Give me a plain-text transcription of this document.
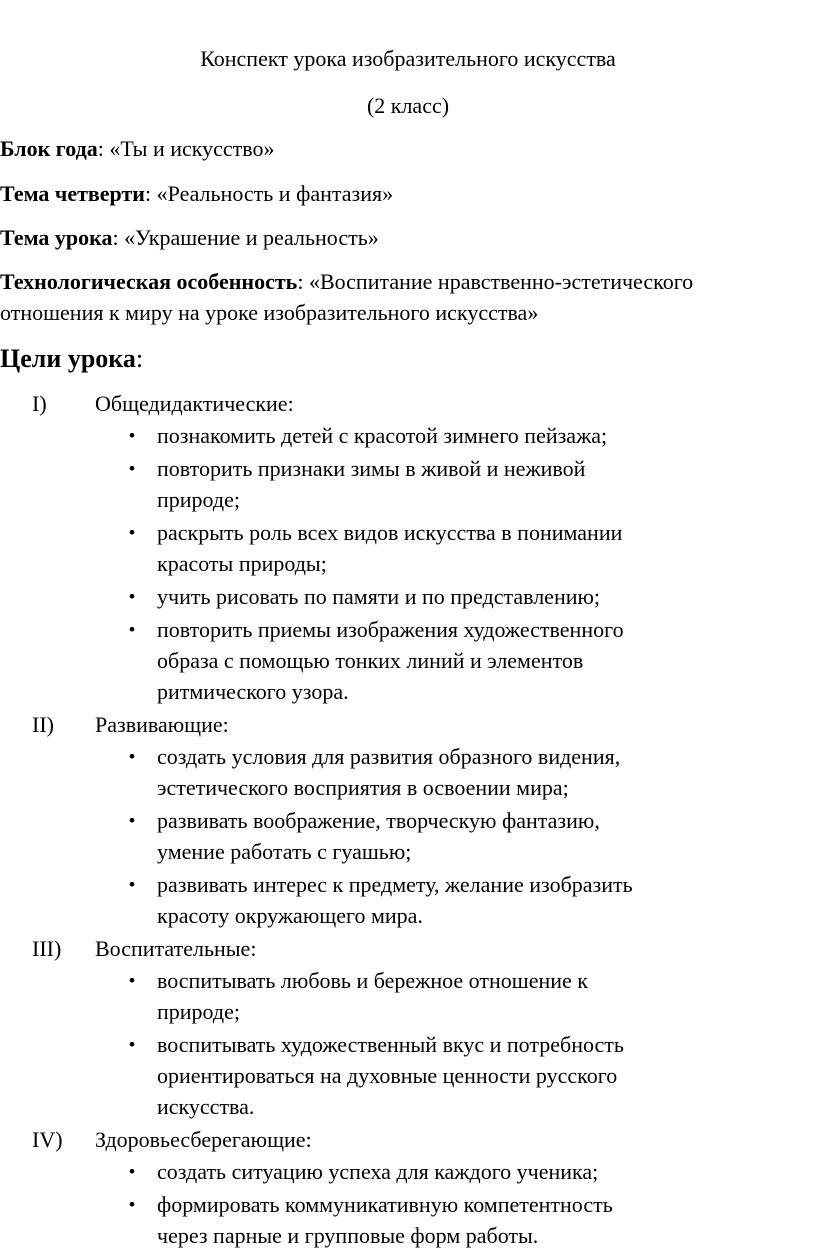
Конспект урока изобразительного искусства
(2 класс)
Блок года: «Ты и искусство»
Тема четверти: «Реальность и фантазия»
Тема урока: «Украшение и реальность»
Технологическая особенность: «Воспитание нравственно-эстетического отношения к миру на уроке изобразительного искусства»
Цели урока:
I) Общедидактические:
• познакомить детей с красотой зимнего пейзажа;
• повторить признаки зимы в живой и неживой природе;
• раскрыть роль всех видов искусства в понимании красоты природы;
• учить рисовать по памяти и по представлению;
• повторить приемы изображения художественного образа с помощью тонких линий и элементов ритмического узора.
II) Развивающие:
• создать условия для развития образного видения, эстетического восприятия в освоении мира;
• развивать воображение, творческую фантазию, умение работать с гуашью;
• развивать интерес к предмету, желание изобразить красоту окружающего мира.
III) Воспитательные:
• воспитывать любовь и бережное отношение к природе;
• воспитывать художественный вкус и потребность ориентироваться на духовные ценности русского искусства.
IV) Здоровьесберегающие:
• создать ситуацию успеха для каждого ученика;
• формировать коммуникативную компетентность через парные и групповые форм работы.
